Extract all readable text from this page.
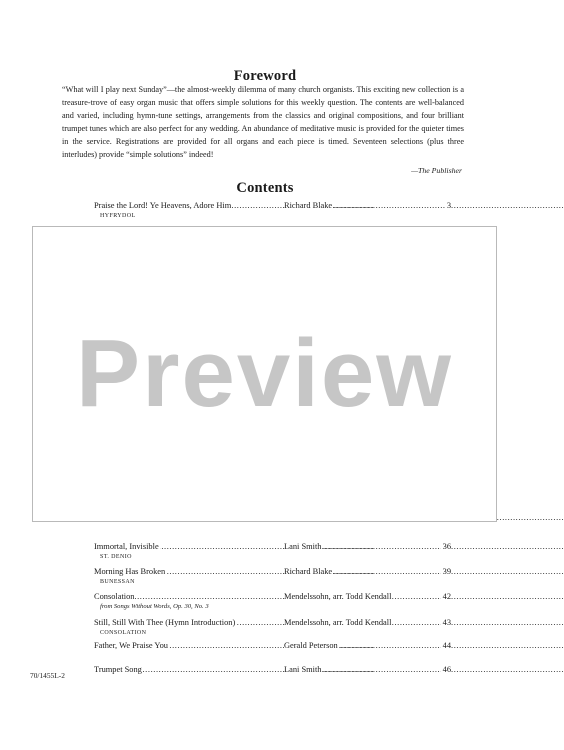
Foreword
“What will I play next Sunday”—the almost-weekly dilemma of many church organists. This exciting new collection is a treasure-trove of easy organ music that offers simple solutions for this weekly question. The contents are well-balanced and varied, including hymn-tune settings, arrangements from the classics and original compositions, and four brilliant trumpet tunes which are also perfect for any wedding. An abundance of meditative music is provided for the quieter times in the service. Registrations are provided for all organs and each piece is timed. Seventeen selections (plus three interludes) provide “simple solutions” indeed!
—The Publisher
Contents
Praise the Lord! Ye Heavens, Adore Him .....	Richard Blake .....	3
HYFRYDOL
Preview
.....
.....
Immortal, Invisible .....	Lani Smith .....	36
ST. DENIO
Morning Has Broken .....	Richard Blake .....	39
BUNESSAN
Consolation .....	Mendelssohn, arr. Todd Kendall .....	42
from Songs Without Words, Op. 30, No. 3
Still, Still With Thee (Hymn Introduction) .....	Mendelssohn, arr. Todd Kendall .....	43
CONSOLATION
Father, We Praise You .....	Gerald Peterson .....	44
Trumpet Song .....	Lani Smith .....	46
70/1455L-2
